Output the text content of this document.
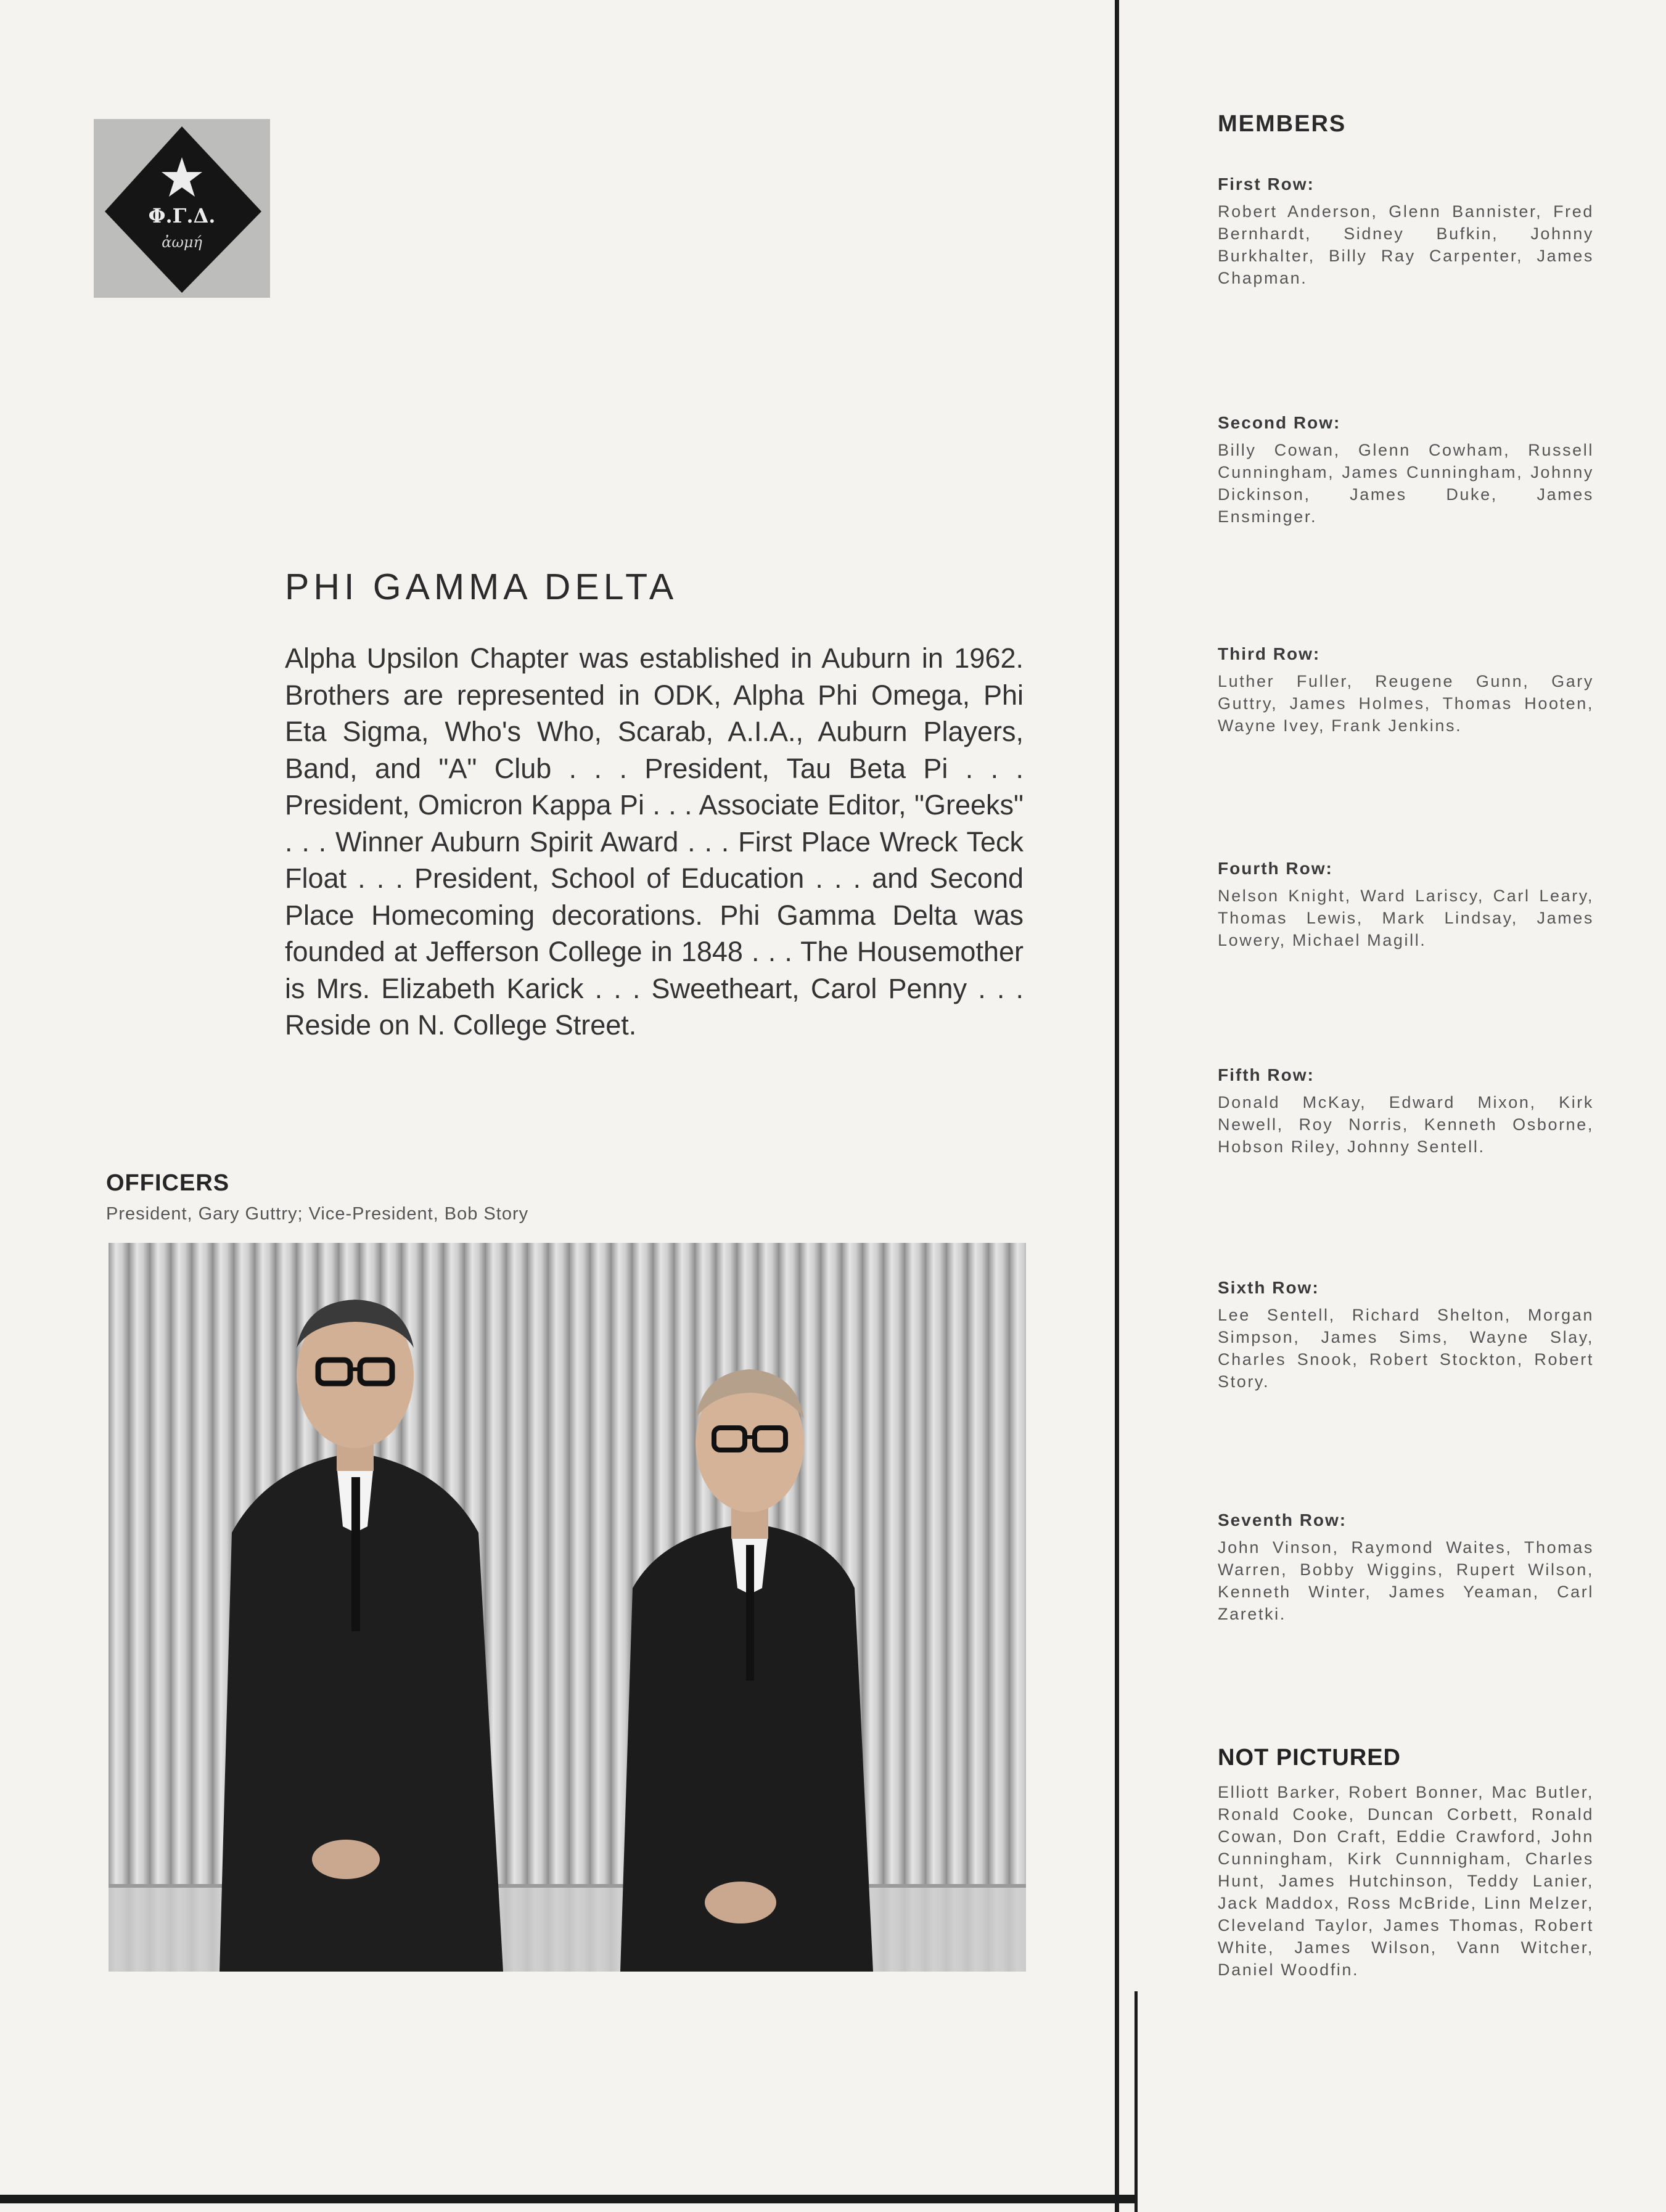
Φ.Γ.Δ.
ἀωμή
PHI GAMMA DELTA

Alpha Upsilon Chapter was established in Auburn in 1962. Brothers are represented in ODK, Alpha Phi Omega, Phi Eta Sigma, Who's Who, Scarab, A.I.A., Auburn Players, Band, and "A" Club . . . President, Tau Beta Pi . . . President, Omicron Kappa Pi . . . Associate Editor, "Greeks" . . . Winner Auburn Spirit Award . . . First Place Wreck Teck Float . . . President, School of Education . . . and Second Place Homecoming decorations. Phi Gamma Delta was founded at Jefferson College in 1848 . . . The Housemother is Mrs. Elizabeth Karick . . . Sweetheart, Carol Penny . . . Reside on N. College Street.

OFFICERS

President, Gary Guttry; Vice-President, Bob Story

MEMBERS

First Row:

Robert Anderson, Glenn Bannister, Fred Bernhardt, Sidney Bufkin, Johnny Burkhalter, Billy Ray Carpenter, James Chapman.

Second Row:

Billy Cowan, Glenn Cowham, Russell Cunningham, James Cunningham, Johnny Dickinson, James Duke, James Ensminger.

Third Row:

Luther Fuller, Reugene Gunn, Gary Guttry, James Holmes, Thomas Hooten, Wayne Ivey, Frank Jenkins.

Fourth Row:

Nelson Knight, Ward Lariscy, Carl Leary, Thomas Lewis, Mark Lindsay, James Lowery, Michael Magill.

Fifth Row:

Donald McKay, Edward Mixon, Kirk Newell, Roy Norris, Kenneth Osborne, Hobson Riley, Johnny Sentell.

Sixth Row:

Lee Sentell, Richard Shelton, Morgan Simpson, James Sims, Wayne Slay, Charles Snook, Robert Stockton, Robert Story.

Seventh Row:

John Vinson, Raymond Waites, Thomas Warren, Bobby Wiggins, Rupert Wilson, Kenneth Winter, James Yeaman, Carl Zaretki.

NOT PICTURED

Elliott Barker, Robert Bonner, Mac Butler, Ronald Cooke, Duncan Corbett, Ronald Cowan, Don Craft, Eddie Crawford, John Cunningham, Kirk Cunnnigham, Charles Hunt, James Hutchinson, Teddy Lanier, Jack Maddox, Ross McBride, Linn Melzer, Cleveland Taylor, James Thomas, Robert White, James Wilson, Vann Witcher, Daniel Woodfin.
